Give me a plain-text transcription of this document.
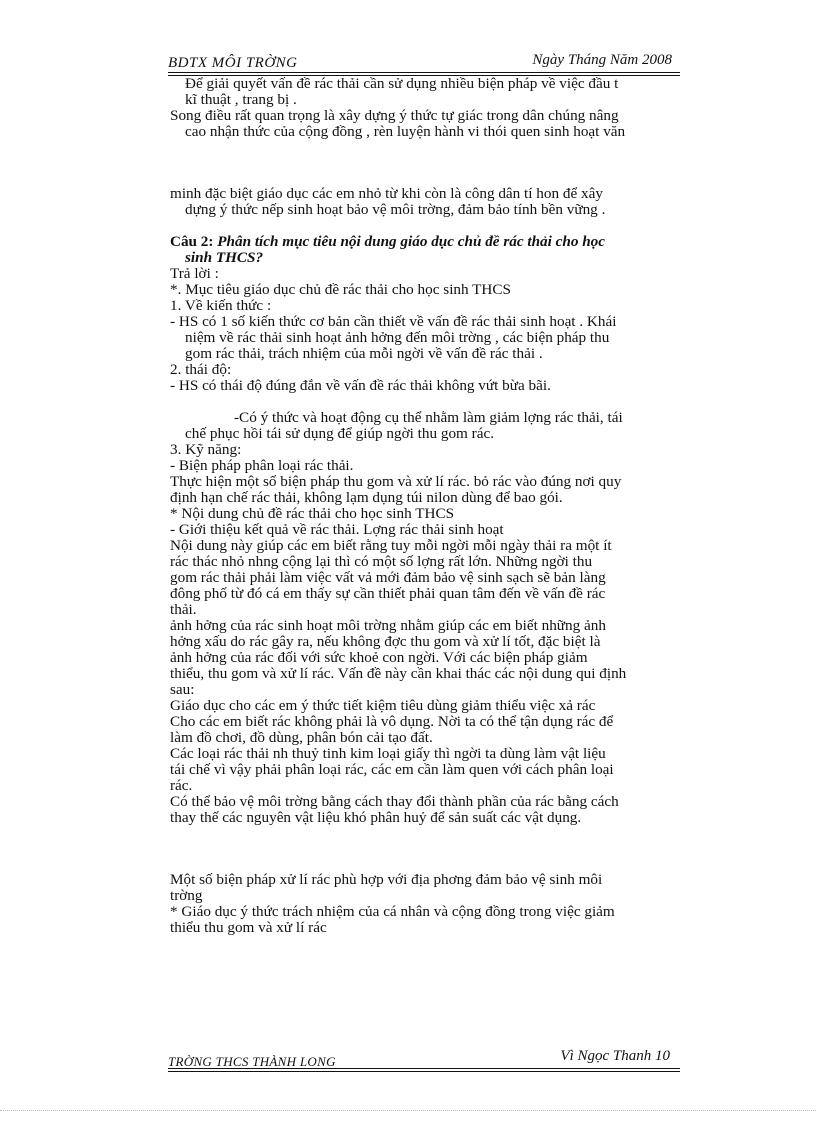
BDTX MÔI TRỜNG	Ngày Tháng Năm 2008

Để giải quyết vấn đề rác thải cần sử dụng nhiều biện pháp về việc đầu t

kĩ thuật , trang bị .

Song điều rất quan trọng là xây dựng ý thức tự giác trong dân chúng nâng

cao nhận thức của cộng đồng , rèn luyện hành vi thói quen sinh hoạt văn

minh đặc biệt giáo dục các em nhỏ từ khi còn là công dân tí hon để xây

dựng ý thức nếp sinh hoạt bảo vệ môi trờng, đảm bảo tính bền vững .

Câu 2: Phân tích mục tiêu nội dung giáo dục chủ đề rác thải cho học

sinh THCS?

Trả lời :

*. Mục tiêu giáo dục chủ đề rác thải cho học sinh THCS

1. Về kiến thức :

- HS có 1 số kiến thức cơ bản cần thiết về vấn đề rác thải sinh hoạt . Khái

niệm về rác thải sinh hoạt ảnh hởng đến môi trờng , các biện pháp thu

gom rác thải, trách nhiệm của mỗi ngời về vấn đề rác thải .

2. thái độ:

- HS có thái độ đúng đắn về vấn đề rác thải không vứt bừa bãi.

-Có ý thức và hoạt động cụ thể nhằm làm giảm lợng rác thải, tái

chế phục hồi tái sử dụng để giúp ngời thu gom rác.

3. Kỹ năng:

- Biện pháp phân loại rác thải.

Thực hiện một số biện pháp thu gom và xử lí rác. bỏ rác vào đúng nơi quy

định hạn chế rác thải, không lạm dụng túi nilon dùng để bao gói.

* Nội dung chủ đề rác thải cho học sinh THCS

- Giới thiệu kết quả về rác thải. Lợng rác thải sinh hoạt

Nội dung này giúp các em biết rằng tuy mỗi ngời mỗi ngày thải ra một ít

rác thác nhỏ nhng cộng lại thì có một số lợng rất lớn. Những ngời thu

gom rác thải phải làm việc vất vả mới đảm bảo vệ sinh sạch sẽ bản làng

đông phố từ đó cá em thấy sự cần thiết phải quan tâm đến về vấn đề rác

thải.

ảnh hởng của rác sinh hoạt môi trờng nhằm giúp các em biết những ảnh

hởng xấu do rác gây ra, nếu không đợc thu gom và xử lí tốt, đặc biệt là

ảnh hởng của rác đối với sức khoẻ con ngời. Với các biện pháp giảm

thiểu, thu gom và xử lí rác. Vấn đề này cần khai thác các nội dung qui định

sau:

Giáo dục cho các em ý thức tiết kiệm tiêu dùng giảm thiểu việc xả rác

Cho các em biết rác không phải là vô dụng. Nời ta có thể tận dụng rác để

làm đồ chơi, đồ dùng, phân bón cải tạo đất.

Các loại rác thải nh thuỷ tinh kim loại giấy thì ngời ta dùng làm vật liệu

tái chế vì vậy phải phân loại rác, các em cần làm quen với cách phân loại

rác.

Có thể bảo vệ môi trờng bằng cách thay đổi thành phần của rác bằng cách

thay thế các nguyên vật liệu khó phân huỷ để sản suất các vật dụng.

Một số biện pháp xử lí rác phù hợp với địa phơng đảm bảo vệ sinh môi

trờng

* Giáo dục ý thức trách nhiệm của cá nhân và cộng đồng trong việc giảm

thiểu thu gom và xử lí rác

TRỜNG THCS THÀNH LONG	Vì Ngọc Thanh 10
